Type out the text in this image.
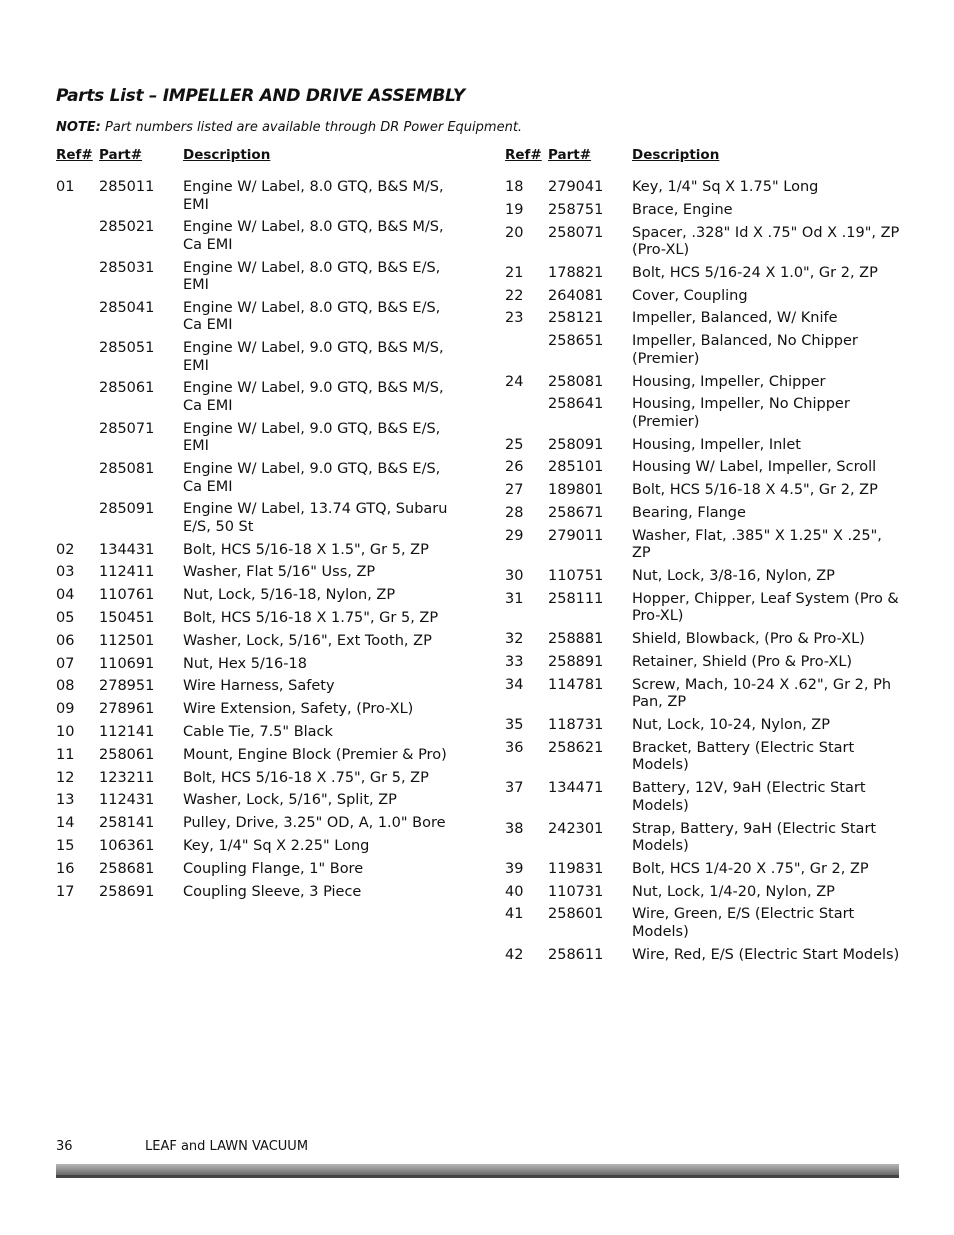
Parts List – IMPELLER AND DRIVE ASSEMBLY
NOTE: Part numbers listed are available through DR Power Equipment.
Ref# Part#	Description
01 285011 Engine W/ Label, 8.0 GTQ, B&S M/S, EMI
285021 Engine W/ Label, 8.0 GTQ, B&S M/S, Ca EMI
285031 Engine W/ Label, 8.0 GTQ, B&S E/S, EMI
285041 Engine W/ Label, 8.0 GTQ, B&S E/S, Ca EMI
285051 Engine W/ Label, 9.0 GTQ, B&S M/S, EMI
285061 Engine W/ Label, 9.0 GTQ, B&S M/S, Ca EMI
285071 Engine W/ Label, 9.0 GTQ, B&S E/S, EMI
285081 Engine W/ Label, 9.0 GTQ, B&S E/S, Ca EMI
285091 Engine W/ Label, 13.74 GTQ, Subaru E/S, 50 St
02 134431 Bolt, HCS 5/16-18 X 1.5", Gr 5, ZP
03 112411 Washer, Flat 5/16" Uss, ZP
04 110761 Nut, Lock, 5/16-18, Nylon, ZP
05 150451 Bolt, HCS 5/16-18 X 1.75", Gr 5, ZP
06 112501 Washer, Lock, 5/16", Ext Tooth, ZP
07 110691 Nut, Hex 5/16-18
08 278951 Wire Harness, Safety
09 278961 Wire Extension, Safety, (Pro-XL)
10 112141 Cable Tie, 7.5" Black
11 258061 Mount, Engine Block (Premier & Pro)
12 123211 Bolt, HCS 5/16-18 X .75", Gr 5, ZP
13 112431 Washer, Lock, 5/16", Split, ZP
14 258141 Pulley, Drive, 3.25" OD, A, 1.0" Bore
15 106361 Key, 1/4" Sq X 2.25" Long
16 258681 Coupling Flange, 1" Bore
17 258691 Coupling Sleeve, 3 Piece
Ref# Part#	Description
18 279041 Key, 1/4" Sq X 1.75" Long
19 258751 Brace, Engine
20 258071 Spacer, .328" Id X .75" Od X .19", ZP (Pro-XL)
21 178821 Bolt, HCS 5/16-24 X 1.0", Gr 2, ZP
22 264081 Cover, Coupling
23 258121 Impeller, Balanced, W/ Knife
258651 Impeller, Balanced, No Chipper (Premier)
24 258081 Housing, Impeller, Chipper
258641 Housing, Impeller, No Chipper (Premier)
25 258091 Housing, Impeller, Inlet
26 285101 Housing W/ Label, Impeller, Scroll
27 189801 Bolt, HCS 5/16-18 X 4.5", Gr 2, ZP
28 258671 Bearing, Flange
29 279011 Washer, Flat, .385" X 1.25" X .25", ZP
30 110751 Nut, Lock, 3/8-16, Nylon, ZP
31 258111 Hopper, Chipper, Leaf System (Pro & Pro-XL)
32 258881 Shield, Blowback, (Pro & Pro-XL)
33 258891 Retainer, Shield (Pro & Pro-XL)
34 114781 Screw, Mach, 10-24 X .62", Gr 2, Ph Pan, ZP
35 118731 Nut, Lock, 10-24, Nylon, ZP
36 258621 Bracket, Battery (Electric Start Models)
37 134471 Battery, 12V, 9aH (Electric Start Models)
38 242301 Strap, Battery, 9aH (Electric Start Models)
39 119831 Bolt, HCS 1/4-20 X .75", Gr 2, ZP
40 110731 Nut, Lock, 1/4-20, Nylon, ZP
41 258601 Wire, Green, E/S (Electric Start Models)
42 258611 Wire, Red, E/S (Electric Start Models)
36	LEAF and LAWN VACUUM
